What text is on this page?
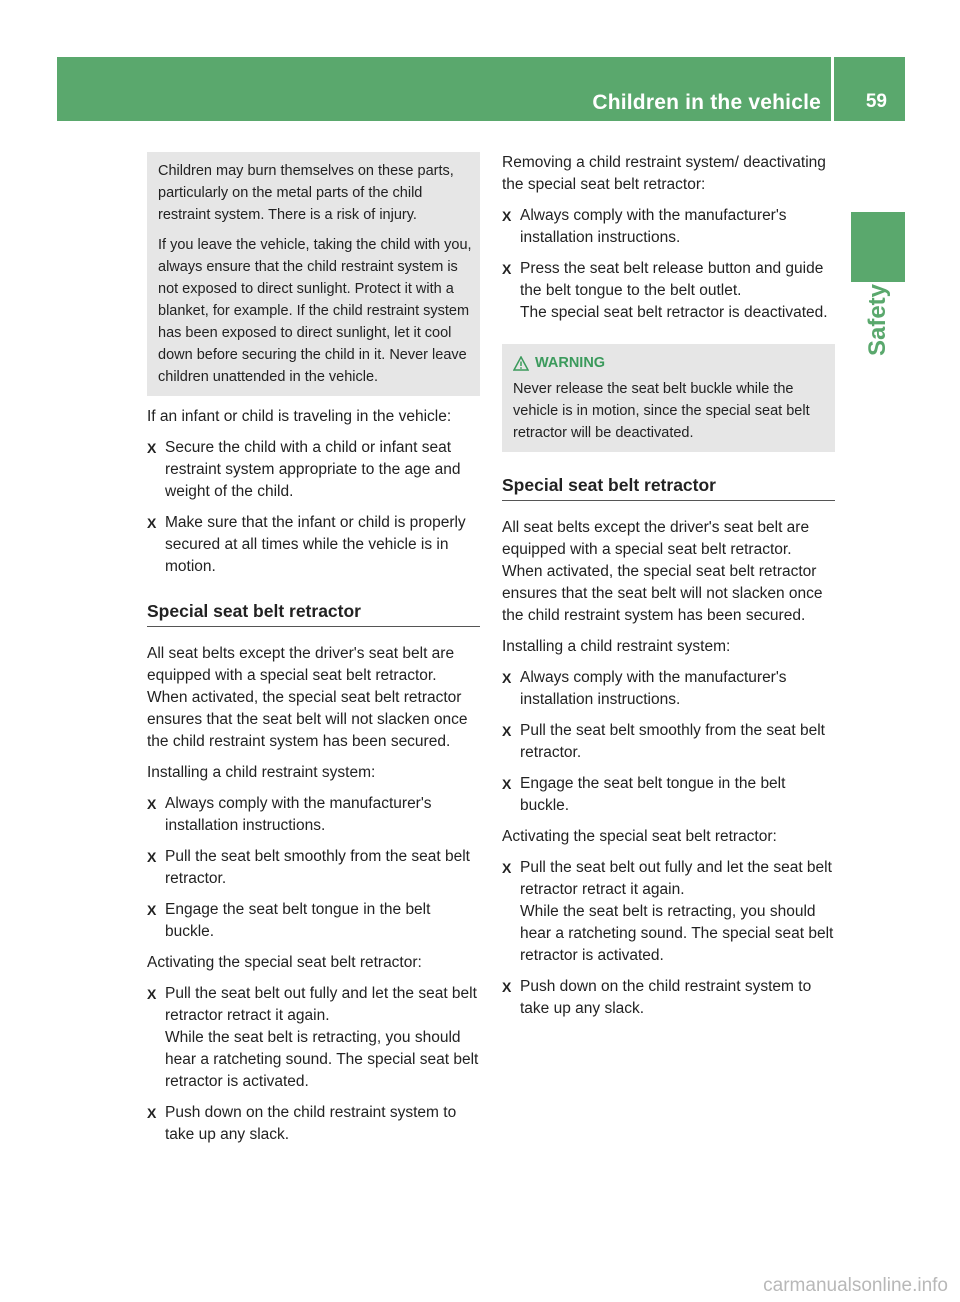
Children in the vehicle 59
Safety

Children may burn themselves on these parts, particularly on the metal parts of the child restraint system. There is a risk of injury.

If you leave the vehicle, taking the child with you, always ensure that the child restraint system is not exposed to direct sunlight. Protect it with a blanket, for example. If the child restraint system has been exposed to direct sunlight, let it cool down before securing the child in it. Never leave children unattended in the vehicle.

If an infant or child is traveling in the vehicle:

X Secure the child with a child or infant seat restraint system appropriate to the age and weight of the child.
X Make sure that the infant or child is properly secured at all times while the vehicle is in motion.
Special seat belt retractor

All seat belts except the driver's seat belt are equipped with a special seat belt retractor. When activated, the special seat belt retractor ensures that the seat belt will not slacken once the child restraint system has been secured.

Installing a child restraint system:

X Always comply with the manufacturer's installation instructions.
X Pull the seat belt smoothly from the seat belt retractor.
X Engage the seat belt tongue in the belt buckle.

Activating the special seat belt retractor:

X Pull the seat belt out fully and let the seat belt retractor retract it again.
While the seat belt is retracting, you should hear a ratcheting sound. The special seat belt retractor is activated.
X Push down on the child restraint system to take up any slack.

Removing a child restraint system/ deactivating the special seat belt retractor:

X Always comply with the manufacturer's installation instructions.
X Press the seat belt release button and guide the belt tongue to the belt outlet.
The special seat belt retractor is deactivated.
WARNING

Never release the seat belt buckle while the vehicle is in motion, since the special seat belt retractor will be deactivated.

Special seat belt retractor

All seat belts except the driver's seat belt are equipped with a special seat belt retractor. When activated, the special seat belt retractor ensures that the seat belt will not slacken once the child restraint system has been secured.

Installing a child restraint system:

X Always comply with the manufacturer's installation instructions.
X Pull the seat belt smoothly from the seat belt retractor.
X Engage the seat belt tongue in the belt buckle.

Activating the special seat belt retractor:

X Pull the seat belt out fully and let the seat belt retractor retract it again.
While the seat belt is retracting, you should hear a ratcheting sound. The special seat belt retractor is activated.
X Push down on the child restraint system to take up any slack.
carmanualsonline.info
